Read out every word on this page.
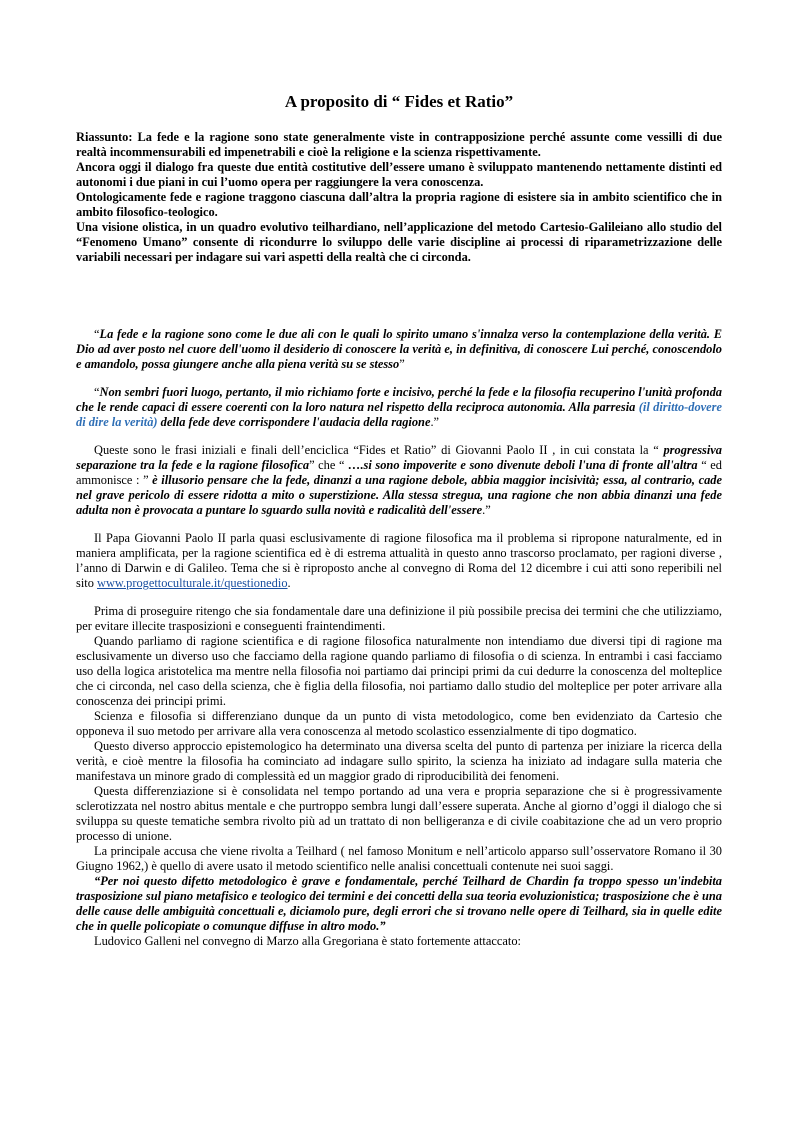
A proposito di “ Fides et Ratio”

Riassunto: La fede e la ragione sono state generalmente viste in contrapposizione perché assunte come vessilli di due realtà incommensurabili ed impenetrabili e cioè la religione e la scienza rispettivamente.

Ancora oggi il dialogo fra queste due entità costitutive dell’essere umano è sviluppato mantenendo nettamente distinti ed autonomi i due piani in cui l’uomo opera per raggiungere la vera conoscenza.

Ontologicamente fede e ragione traggono ciascuna dall’altra la propria ragione di esistere sia in ambito scientifico che in ambito filosofico-teologico.

Una visione olistica, in un quadro evolutivo teilhardiano, nell’applicazione del metodo Cartesio-Galileiano allo studio del “Fenomeno Umano” consente di ricondurre lo sviluppo delle varie discipline ai processi di riparametrizzazione delle variabili necessari per indagare sui vari aspetti della realtà che ci circonda.

“La fede e la ragione sono come le due ali con le quali lo spirito umano s'innalza verso la contemplazione della verità. E Dio ad aver posto nel cuore dell'uomo il desiderio di conoscere la verità e, in definitiva, di conoscere Lui perché, conoscendolo e amandolo, possa giungere anche alla piena verità su se stesso”

“Non sembri fuori luogo, pertanto, il mio richiamo forte e incisivo, perché la fede e la filosofia recuperino l'unità profonda che le rende capaci di essere coerenti con la loro natura nel rispetto della reciproca autonomia. Alla parresia (il diritto-dovere di dire la verità) della fede deve corrispondere l'audacia della ragione.”

Queste sono le frasi iniziali e finali dell’enciclica “Fides et Ratio” di Giovanni Paolo II , in cui constata la “ progressiva separazione tra la fede e la ragione filosofica” che “ ….si sono impoverite e sono divenute deboli l'una di fronte all'altra “ ed ammonisce : ” è illusorio pensare che la fede, dinanzi a una ragione debole, abbia maggior incisività; essa, al contrario, cade nel grave pericolo di essere ridotta a mito o superstizione. Alla stessa stregua, una ragione che non abbia dinanzi una fede adulta non è provocata a puntare lo sguardo sulla novità e radicalità dell'essere.”

Il Papa Giovanni Paolo II parla quasi esclusivamente di ragione filosofica ma il problema si ripropone naturalmente, ed in maniera amplificata, per la ragione scientifica ed è di estrema attualità in questo anno trascorso proclamato, per ragioni diverse , l’anno di Darwin e di Galileo. Tema che si è riproposto anche al convegno di Roma del 12 dicembre i cui atti sono reperibili nel sito www.progettoculturale.it/questionedio.

Prima di proseguire ritengo che sia fondamentale dare una definizione il più possibile precisa dei termini che che utilizziamo, per evitare illecite trasposizioni e conseguenti fraintendimenti.

Quando parliamo di ragione scientifica e di ragione filosofica naturalmente non intendiamo due diversi tipi di ragione ma esclusivamente un diverso uso che facciamo della ragione quando parliamo di filosofia o di scienza. In entrambi i casi facciamo uso della logica aristotelica ma mentre nella filosofia noi partiamo dai principi primi da cui dedurre la conoscenza del molteplice che ci circonda, nel caso della scienza, che è figlia della filosofia, noi partiamo dallo studio del molteplice per poter arrivare alla conoscenza dei principi primi.

Scienza e filosofia si differenziano dunque da un punto di vista metodologico, come ben evidenziato da Cartesio che opponeva il suo metodo per arrivare alla vera conoscenza al metodo scolastico essenzialmente di tipo dogmatico.

Questo diverso approccio epistemologico ha determinato una diversa scelta del punto di partenza per iniziare la ricerca della verità, e cioè mentre la filosofia ha cominciato ad indagare sullo spirito, la scienza ha iniziato ad indagare sulla materia che manifestava un minore grado di complessità ed un maggior grado di riproducibilità dei fenomeni.

Questa differenziazione si è consolidata nel tempo portando ad una vera e propria separazione che si è progressivamente sclerotizzata nel nostro abitus mentale e che purtroppo sembra lungi dall’essere superata. Anche al giorno d’oggi il dialogo che si sviluppa su queste tematiche sembra rivolto più ad un trattato di non belligeranza e di civile coabitazione che ad un vero proprio processo di unione.

La principale accusa che viene rivolta a Teilhard ( nel famoso Monitum e nell’articolo apparso sull’osservatore Romano il 30 Giugno 1962,) è quello di avere usato il metodo scientifico nelle analisi concettuali contenute nei suoi saggi.

“Per noi questo difetto metodologico è grave e fondamentale, perché Teilhard de Chardin fa troppo spesso un'indebita trasposizione sul piano metafisico e teologico dei termini e dei concetti della sua teoria evoluzionistica; trasposizione che è una delle cause delle ambiguità concettuali e, diciamolo pure, degli errori che si trovano nelle opere di Teilhard, sia in quelle edite che in quelle policopiate o comunque diffuse in altro modo.”

Ludovico Galleni nel convegno di Marzo alla Gregoriana è stato fortemente attaccato:
